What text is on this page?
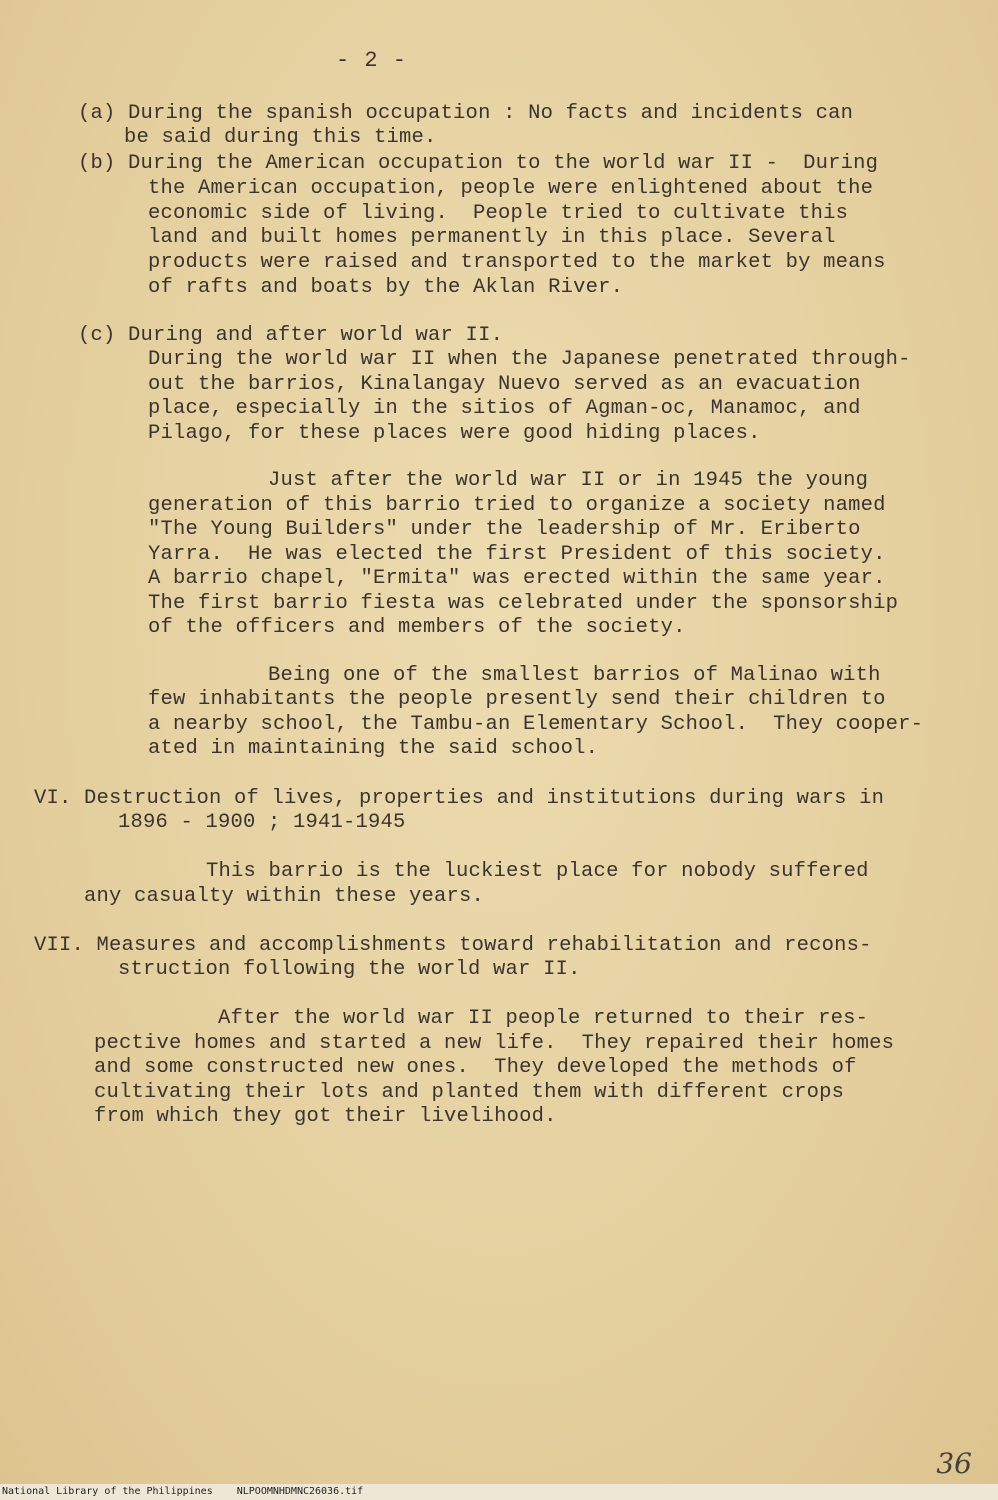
- 2 -
(a) During the spanish occupation : No facts and incidents can
be said during this time.
(b) During the American occupation to the world war II -  During
the American occupation, people were enlightened about the
economic side of living.  People tried to cultivate this
land and built homes permanently in this place. Several
products were raised and transported to the market by means
of rafts and boats by the Aklan River.
(c) During and after world war II.
During the world war II when the Japanese penetrated through-
out the barrios, Kinalangay Nuevo served as an evacuation
place, especially in the sitios of Agman-oc, Manamoc, and
Pilago, for these places were good hiding places.
Just after the world war II or in 1945 the young
generation of this barrio tried to organize a society named
"The Young Builders" under the leadership of Mr. Eriberto
Yarra.  He was elected the first President of this society.
A barrio chapel, "Ermita" was erected within the same year.
The first barrio fiesta was celebrated under the sponsorship
of the officers and members of the society.
Being one of the smallest barrios of Malinao with
few inhabitants the people presently send their children to
a nearby school, the Tambu-an Elementary School.  They cooper-
ated in maintaining the said school.
VI. Destruction of lives, properties and institutions during wars in
1896 - 1900 ; 1941-1945
This barrio is the luckiest place for nobody suffered
any casualty within these years.
VII. Measures and accomplishments toward rehabilitation and recons-
struction following the world war II.
After the world war II people returned to their res-
pective homes and started a new life.  They repaired their homes
and some constructed new ones.  They developed the methods of
cultivating their lots and planted them with different crops
from which they got their livelihood.
36
National Library of the Philippines NLPOOMNHDMNC26036.tif
